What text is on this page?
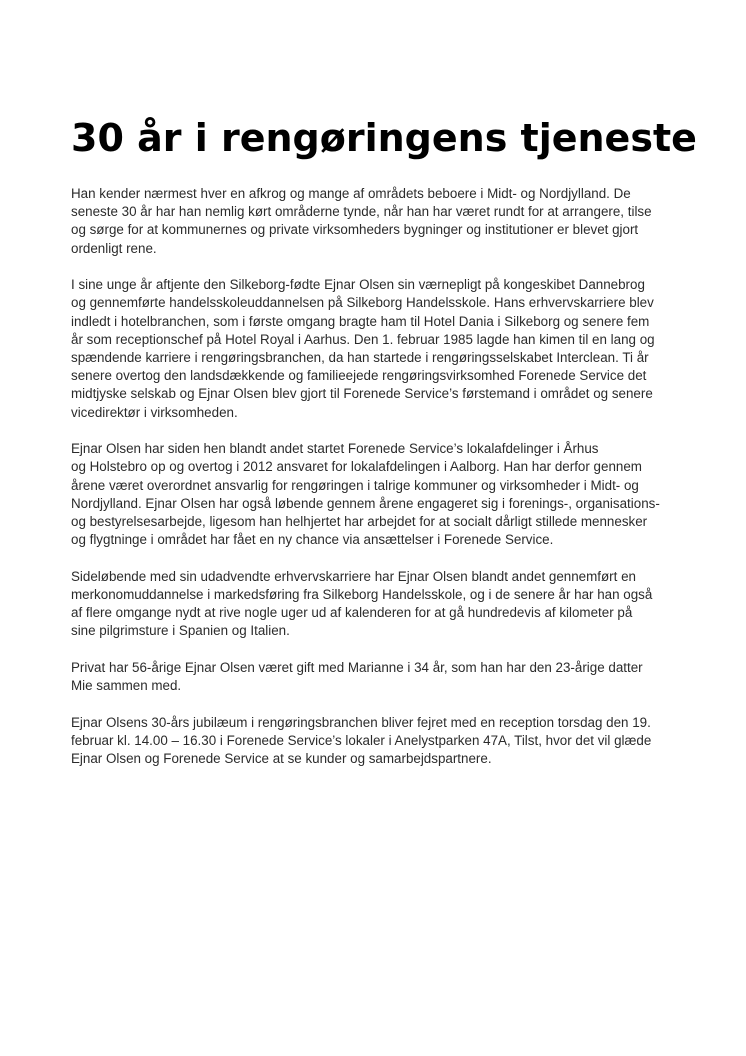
30 år i rengøringens tjeneste

Han kender nærmest hver en afkrog og mange af områdets beboere i Midt- og Nordjylland. De
seneste 30 år har han nemlig kørt områderne tynde, når han har været rundt for at arrangere, tilse
og sørge for at kommunernes og private virksomheders bygninger og institutioner er blevet gjort
ordenligt rene.

I sine unge år aftjente den Silkeborg-fødte Ejnar Olsen sin værnepligt på kongeskibet Dannebrog
og gennemførte handelsskoleuddannelsen på Silkeborg Handelsskole. Hans erhvervskarriere blev
indledt i hotelbranchen, som i første omgang bragte ham til Hotel Dania i Silkeborg og senere fem
år som receptionschef på Hotel Royal i Aarhus. Den 1. februar 1985 lagde han kimen til en lang og
spændende karriere i rengøringsbranchen, da han startede i rengøringsselskabet Interclean. Ti år
senere overtog den landsdækkende og familieejede rengøringsvirksomhed Forenede Service det
midtjyske selskab og Ejnar Olsen blev gjort til Forenede Service’s førstemand i området og senere
vicedirektør i virksomheden.

Ejnar Olsen har siden hen blandt andet startet Forenede Service’s lokalafdelinger i Århus
og Holstebro op og overtog i 2012 ansvaret for lokalafdelingen i Aalborg. Han har derfor gennem
årene været overordnet ansvarlig for rengøringen i talrige kommuner og virksomheder i Midt- og
Nordjylland. Ejnar Olsen har også løbende gennem årene engageret sig i forenings-, organisations-
og bestyrelsesarbejde, ligesom han helhjertet har arbejdet for at socialt dårligt stillede mennesker
og flygtninge i området har fået en ny chance via ansættelser i Forenede Service.

Sideløbende med sin udadvendte erhvervskarriere har Ejnar Olsen blandt andet gennemført en
merkonomuddannelse i markedsføring fra Silkeborg Handelsskole, og i de senere år har han også
af flere omgange nydt at rive nogle uger ud af kalenderen for at gå hundredevis af kilometer på
sine pilgrimsture i Spanien og Italien.

Privat har 56-årige Ejnar Olsen været gift med Marianne i 34 år, som han har den 23-årige datter
Mie sammen med.

Ejnar Olsens 30-års jubilæum i rengøringsbranchen bliver fejret med en reception torsdag den 19.
februar kl. 14.00 – 16.30 i Forenede Service’s lokaler i Anelystparken 47A, Tilst, hvor det vil glæde
Ejnar Olsen og Forenede Service at se kunder og samarbejdspartnere.
